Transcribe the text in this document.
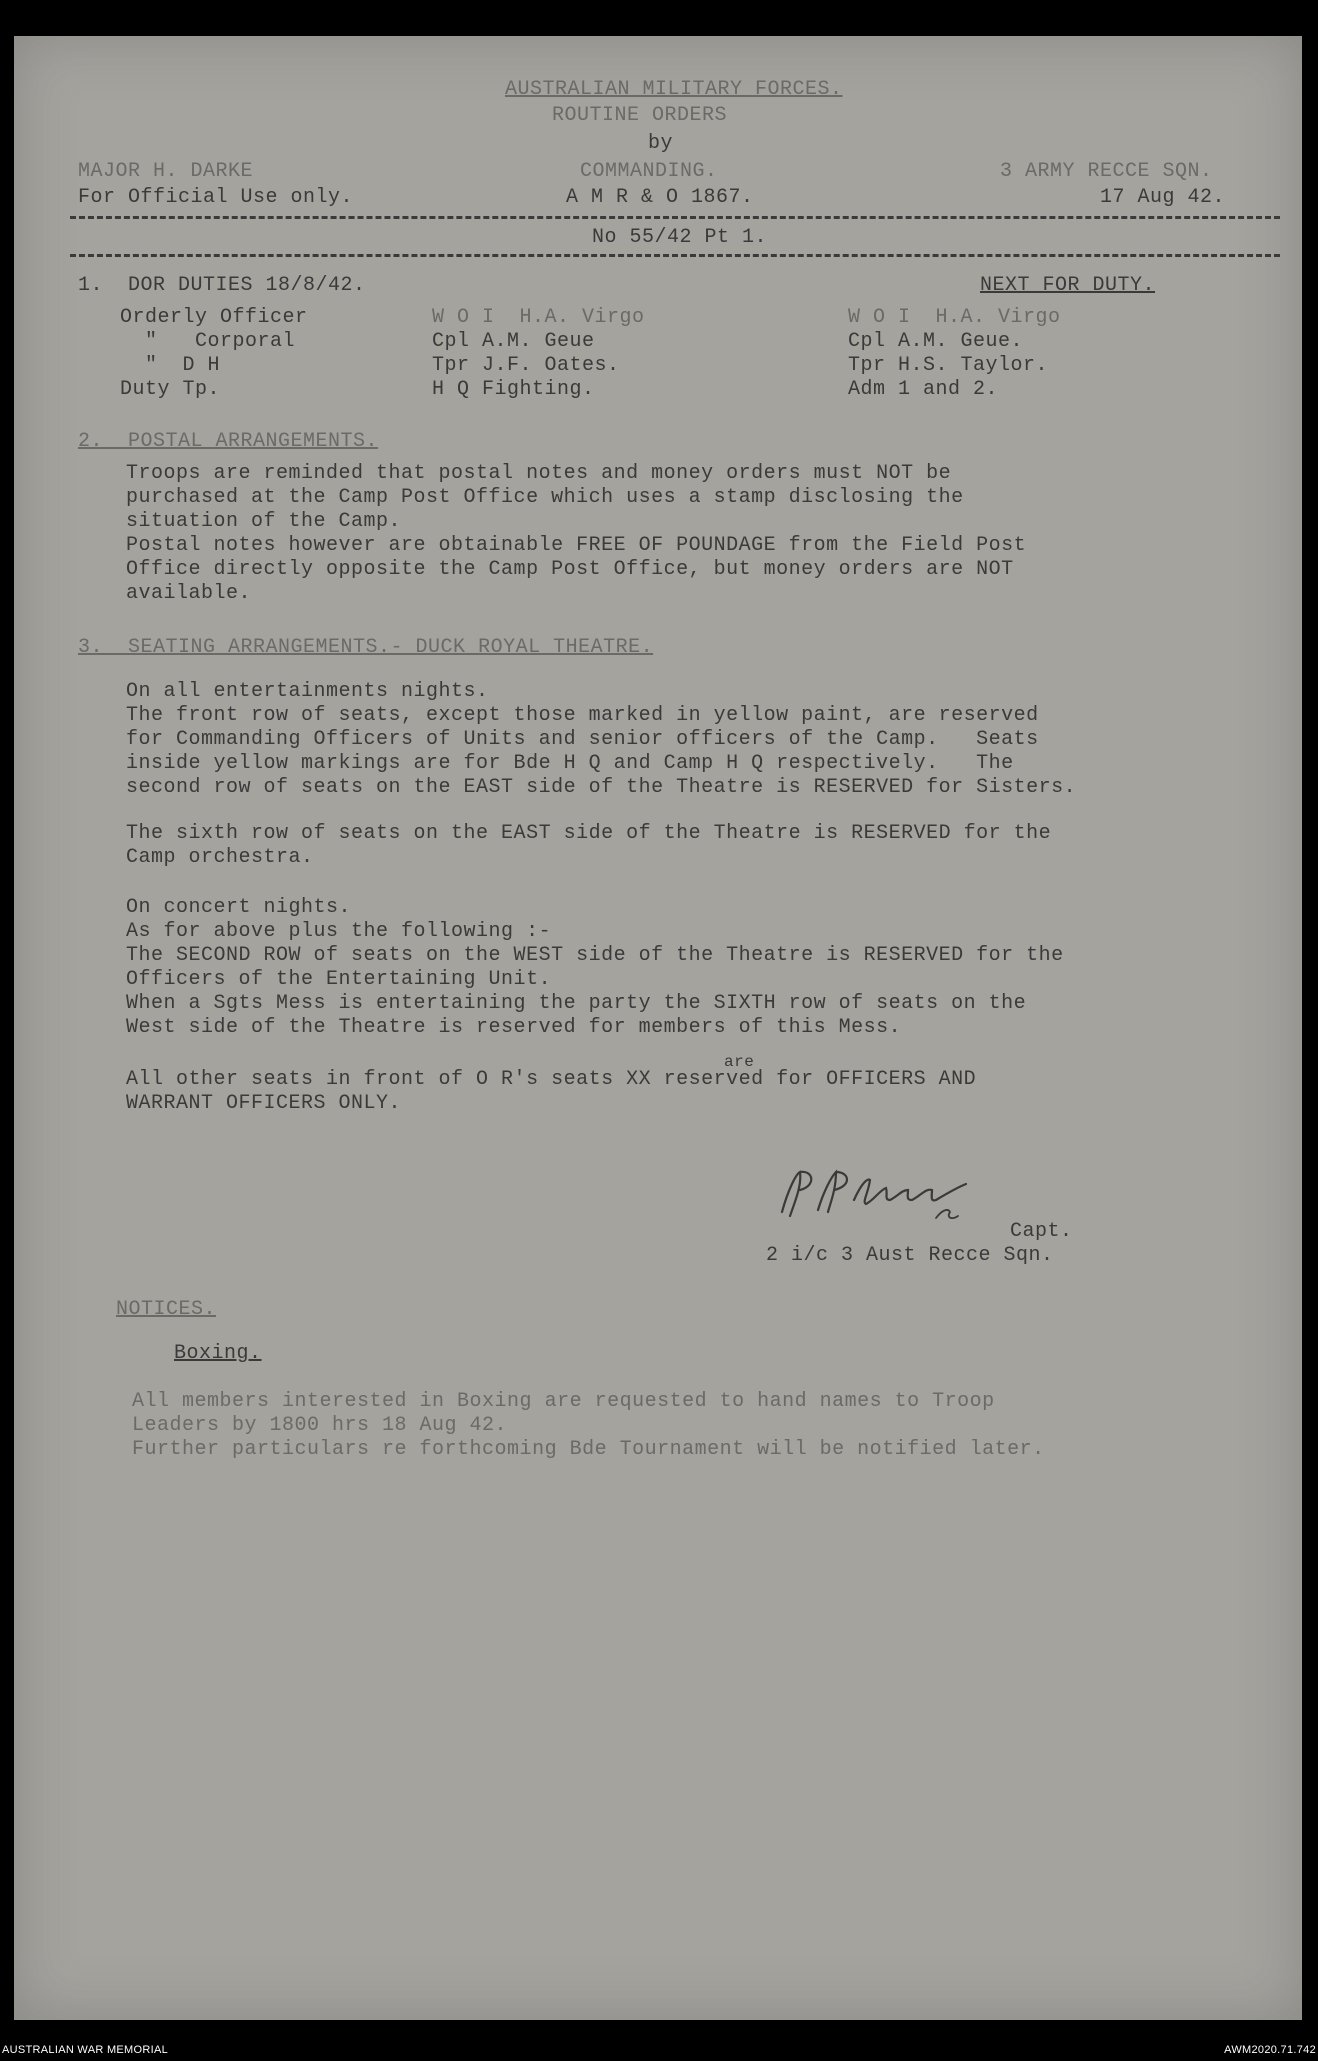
AUSTRALIAN MILITARY FORCES.
ROUTINE ORDERS
by
MAJOR H. DARKE	COMMANDING.	3 ARMY RECCE SQN.
For Official Use only.	A M R & O 1867.	17 Aug 42.
No 55/42 Pt 1.
1.  DOR DUTIES 18/8/42.	NEXT FOR DUTY.
Orderly Officer	W O I  H.A. Virgo	W O I  H.A. Virgo
"   Corporal	Cpl A.M. Geue	Cpl A.M. Geue.
"  D H	Tpr J.F. Oates.	Tpr H.S. Taylor.
Duty Tp.	H Q Fighting.	Adm 1 and 2.
2.  POSTAL ARRANGEMENTS.
Troops are reminded that postal notes and money orders must NOT be
purchased at the Camp Post Office which uses a stamp disclosing the
situation of the Camp.
Postal notes however are obtainable FREE OF POUNDAGE from the Field Post
Office directly opposite the Camp Post Office, but money orders are NOT
available.
3.  SEATING ARRANGEMENTS.- DUCK ROYAL THEATRE.
On all entertainments nights.
The front row of seats, except those marked in yellow paint, are reserved
for Commanding Officers of Units and senior officers of the Camp.   Seats
inside yellow markings are for Bde H Q and Camp H Q respectively.   The
second row of seats on the EAST side of the Theatre is RESERVED for Sisters.
The sixth row of seats on the EAST side of the Theatre is RESERVED for the
Camp orchestra.
On concert nights.
As for above plus the following :-
The SECOND ROW of seats on the WEST side of the Theatre is RESERVED for the
Officers of the Entertaining Unit.
When a Sgts Mess is entertaining the party the SIXTH row of seats on the
West side of the Theatre is reserved for members of this Mess.
are
All other seats in front of O R's seats XX reserved for OFFICERS AND
WARRANT OFFICERS ONLY.
Capt.
2 i/c 3 Aust Recce Sqn.
NOTICES.
Boxing.
All members interested in Boxing are requested to hand names to Troop
Leaders by 1800 hrs 18 Aug 42.
Further particulars re forthcoming Bde Tournament will be notified later.
AUSTRALIAN WAR MEMORIAL	AWM2020.71.742
